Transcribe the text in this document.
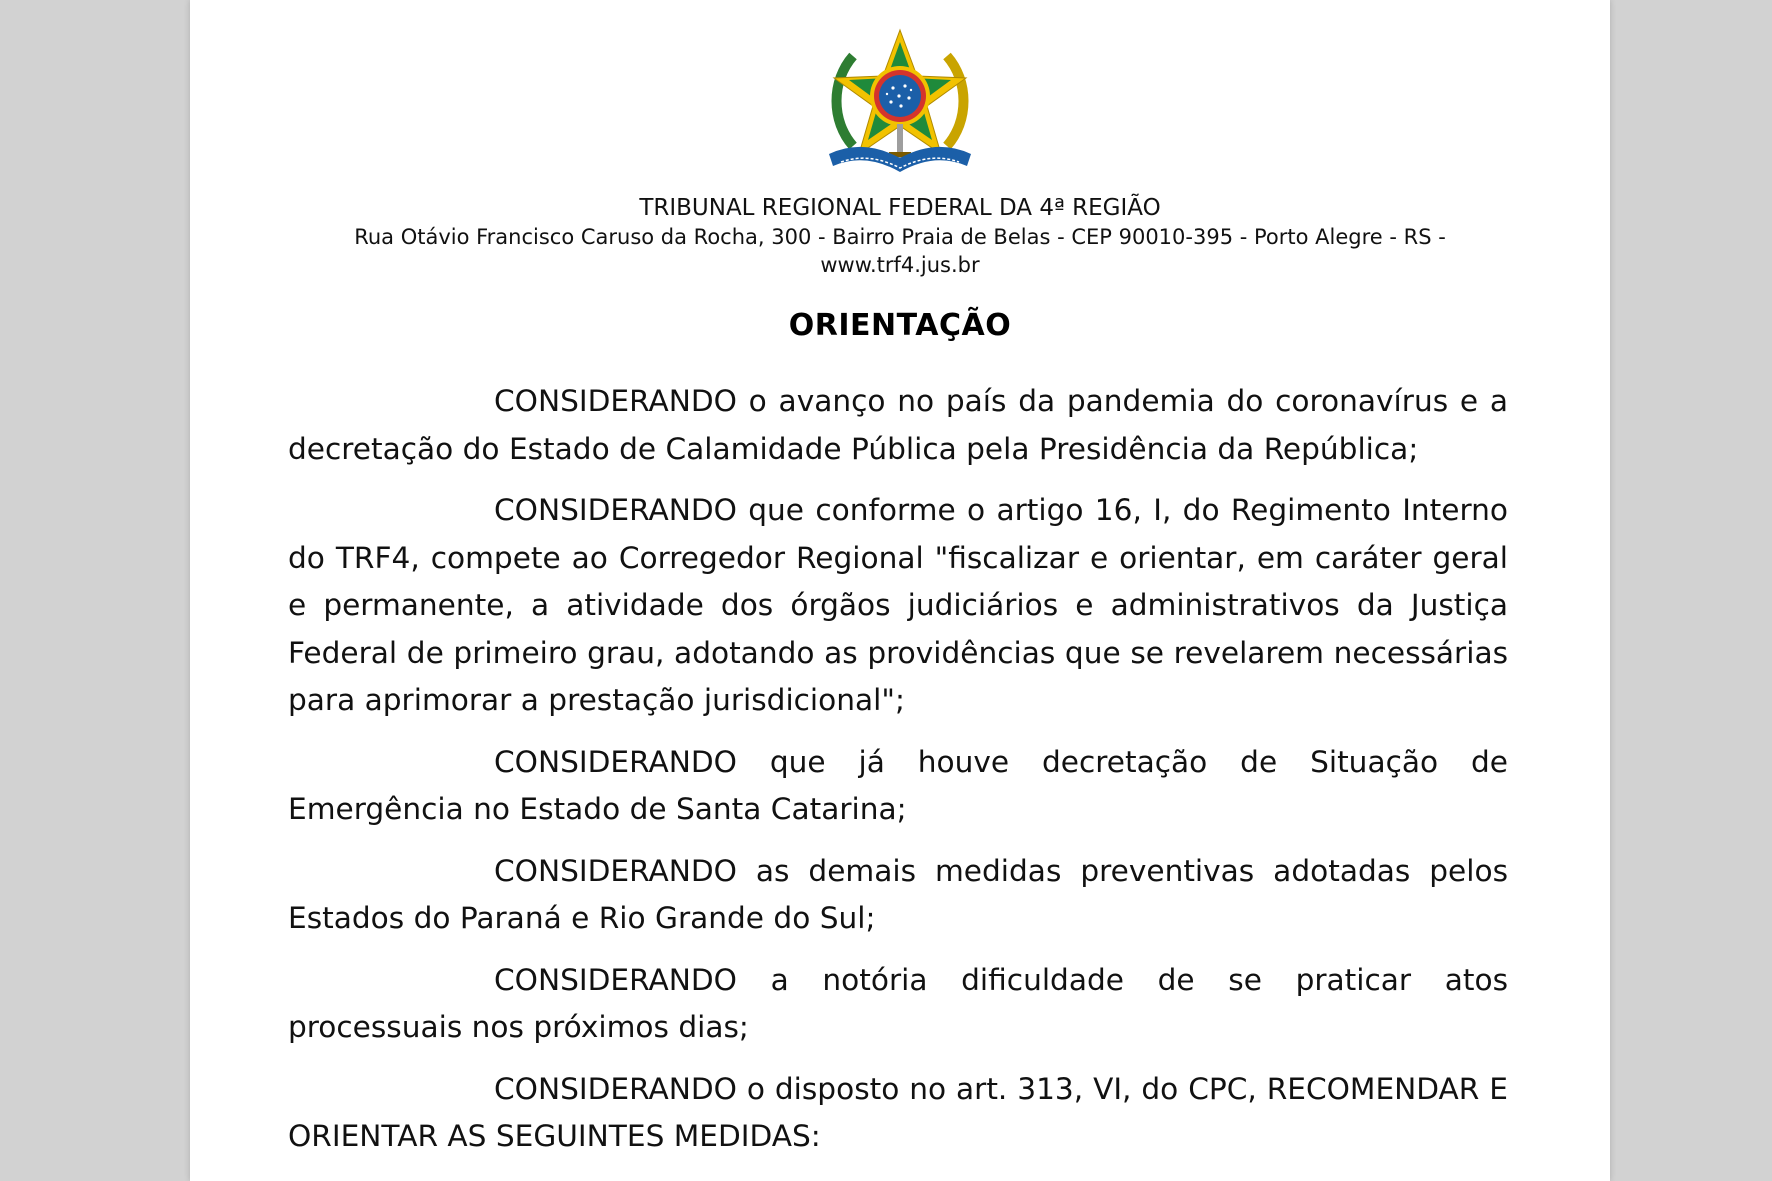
TRIBUNAL REGIONAL FEDERAL DA 4ª REGIÃO
Rua Otávio Francisco Caruso da Rocha, 300 - Bairro Praia de Belas - CEP 90010-395 - Porto Alegre - RS - www.trf4.jus.br
ORIENTAÇÃO

CONSIDERANDO o avanço no país da pandemia do coronavírus e a decretação do Estado de Calamidade Pública pela Presidência da República;

CONSIDERANDO que conforme o artigo 16, I, do Regimento Interno do TRF4, compete ao Corregedor Regional "fiscalizar e orientar, em caráter geral e permanente, a atividade dos órgãos judiciários e administrativos da Justiça Federal de primeiro grau, adotando as providências que se revelarem necessárias para aprimorar a prestação jurisdicional";

CONSIDERANDO que já houve decretação de Situação de Emergência no Estado de Santa Catarina;

CONSIDERANDO as demais medidas preventivas adotadas pelos Estados do Paraná e Rio Grande do Sul;

CONSIDERANDO a notória dificuldade de se praticar atos processuais nos próximos dias;

CONSIDERANDO o disposto no art. 313, VI, do CPC, RECOMENDAR E ORIENTAR AS SEGUINTES MEDIDAS:
